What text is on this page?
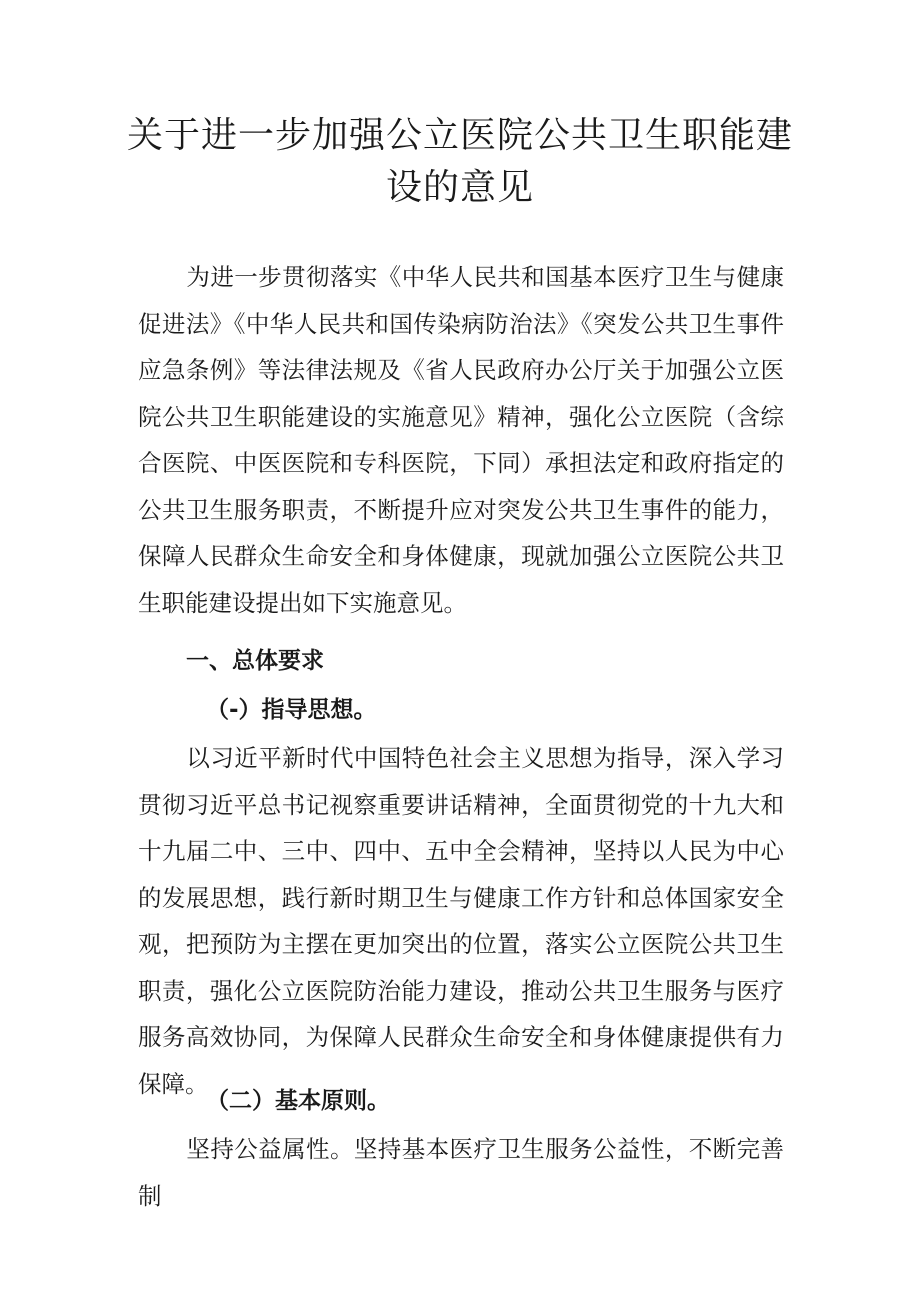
关于进一步加强公立医院公共卫生职能建
设的意见

为进一步贯彻落实《中华人民共和国基本医疗卫生与健康促进法》《中华人民共和国传染病防治法》《突发公共卫生事件应急条例》等法律法规及《省人民政府办公厅关于加强公立医院公共卫生职能建设的实施意见》精神，强化公立医院（含综合医院、中医医院和专科医院，下同）承担法定和政府指定的公共卫生服务职责，不断提升应对突发公共卫生事件的能力，保障人民群众生命安全和身体健康，现就加强公立医院公共卫生职能建设提出如下实施意见。

一、总体要求
（-）指导思想。

以习近平新时代中国特色社会主义思想为指导，深入学习贯彻习近平总书记视察重要讲话精神，全面贯彻党的十九大和十九届二中、三中、四中、五中全会精神，坚持以人民为中心的发展思想，践行新时期卫生与健康工作方针和总体国家安全观，把预防为主摆在更加突出的位置，落实公立医院公共卫生职责，强化公立医院防治能力建设，推动公共卫生服务与医疗服务高效协同，为保障人民群众生命安全和身体健康提供有力保障。

（二）基本原则。

坚持公益属性。坚持基本医疗卫生服务公益性，不断完善制
